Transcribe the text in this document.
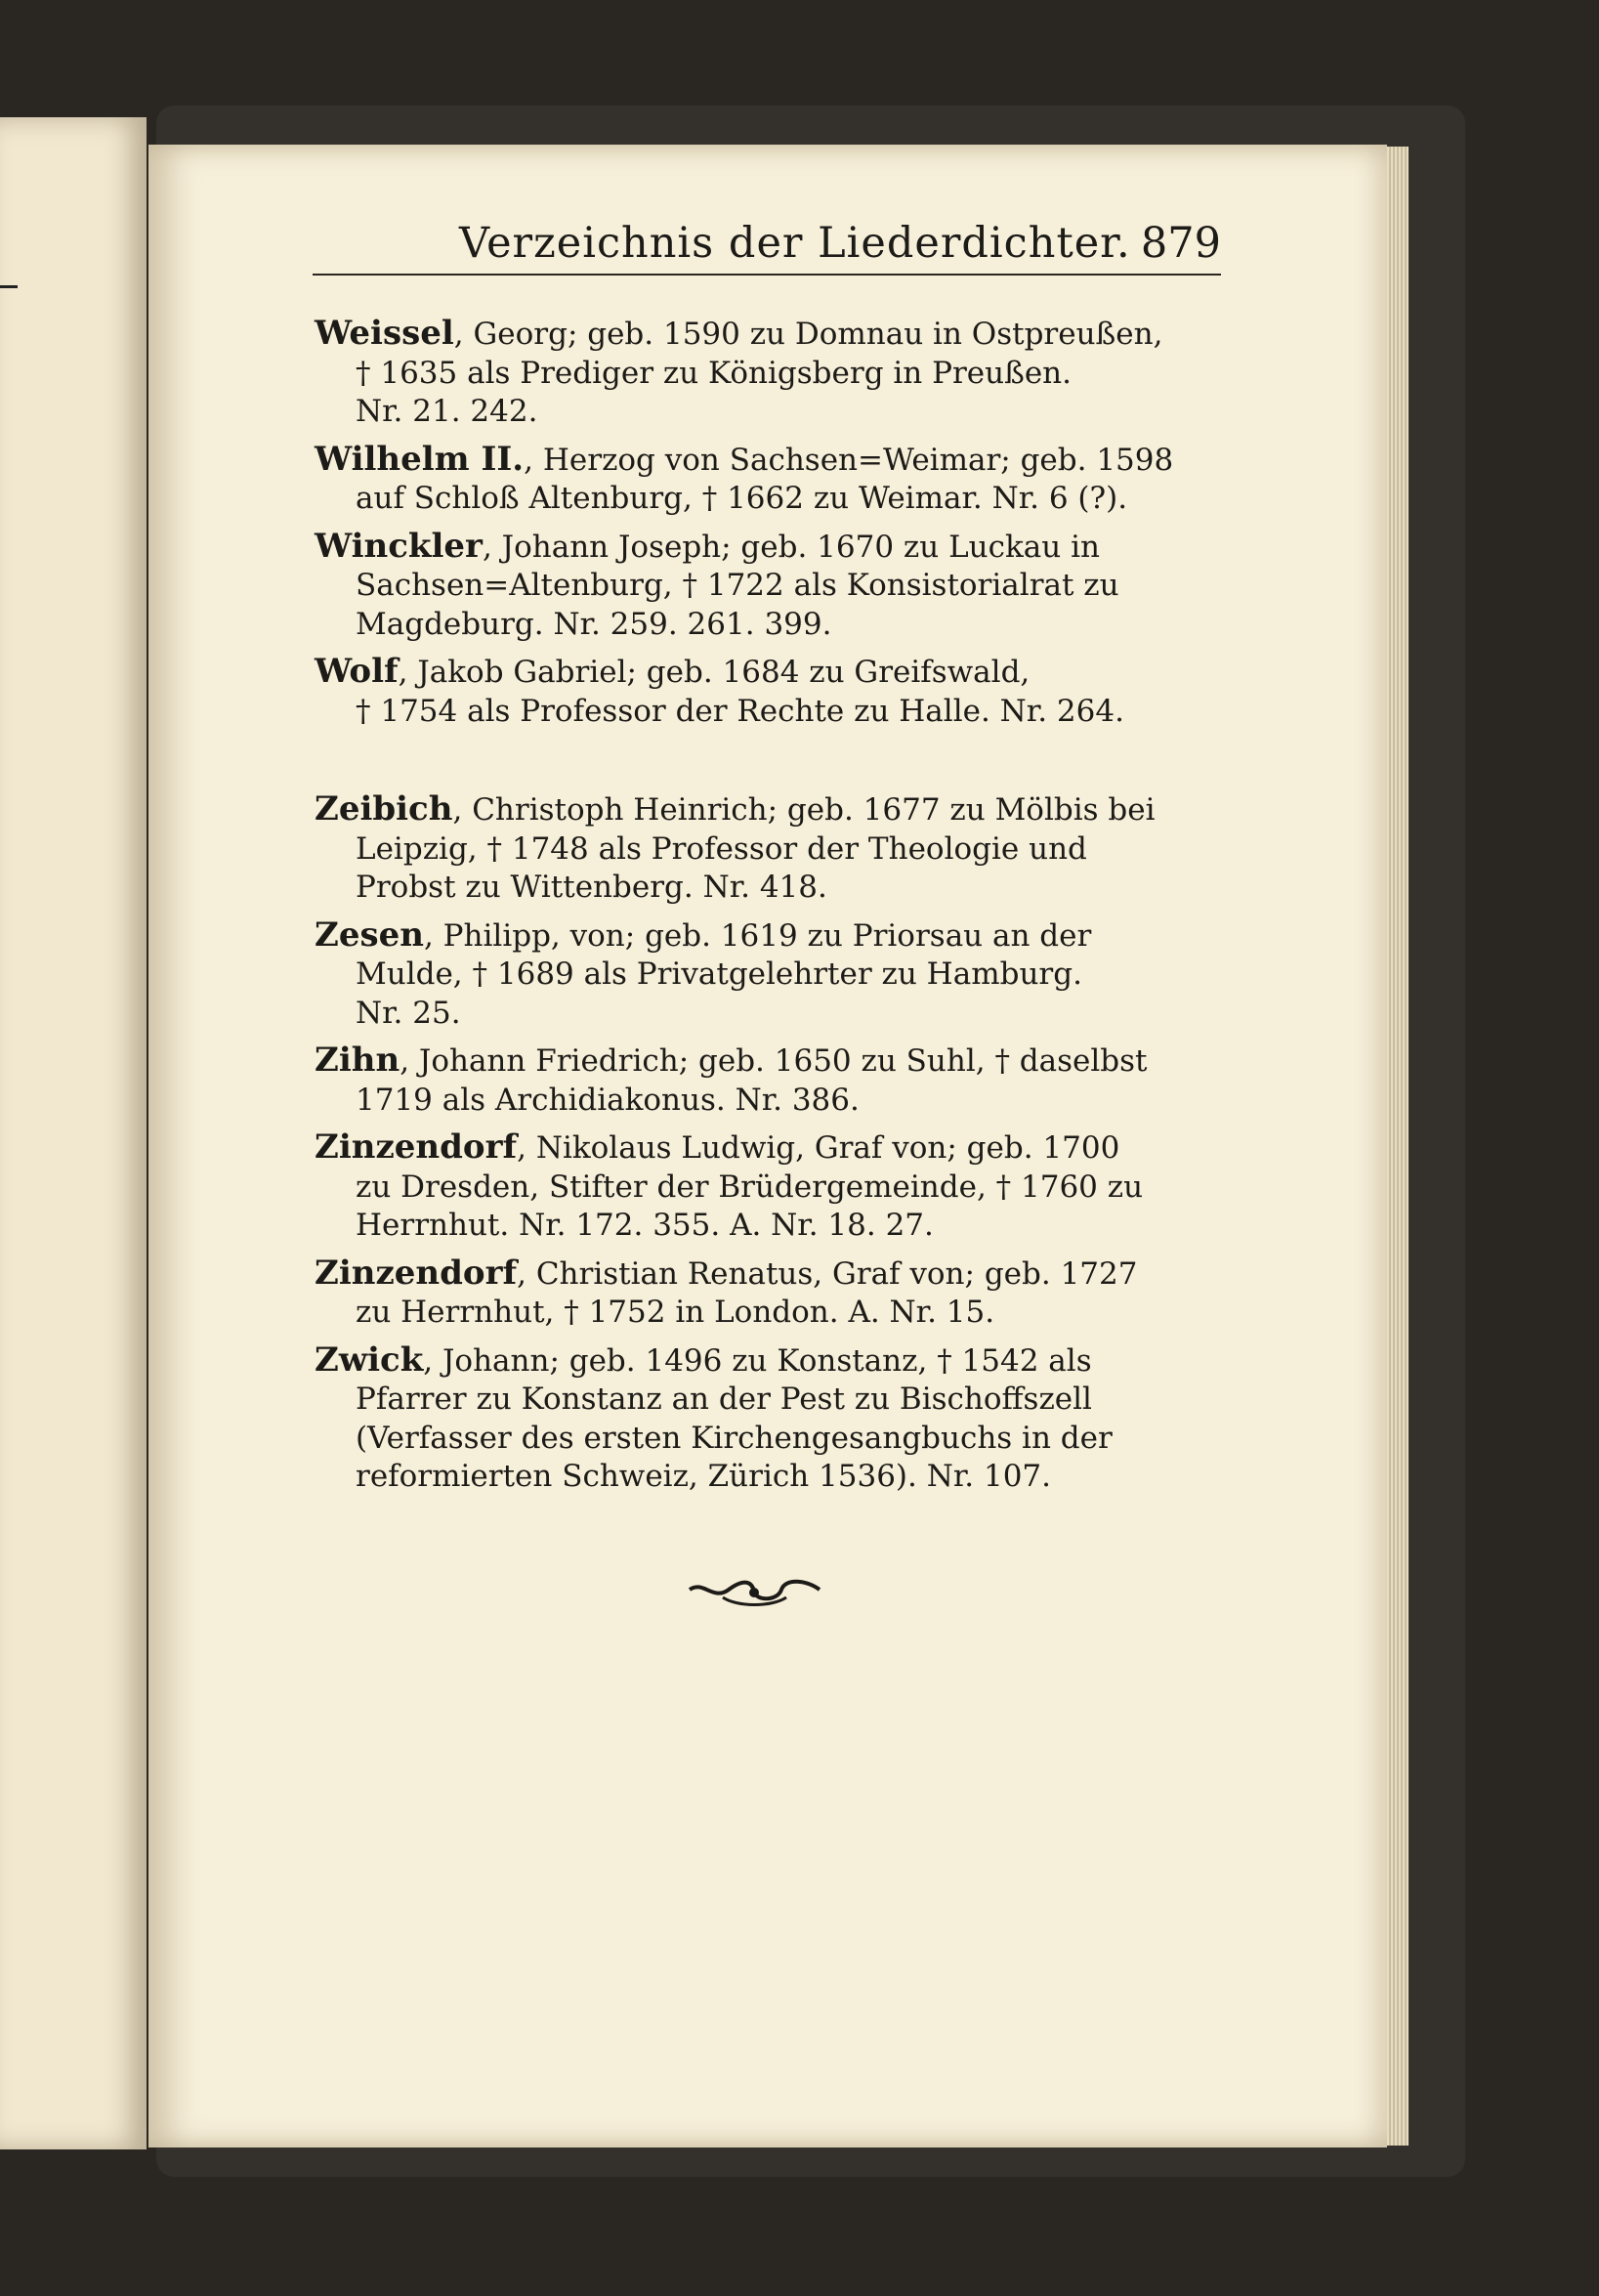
Verzeichnis der Liederdichter. 879
Weissel, Georg; geb. 1590 zu Domnau in Ostpreußen,
† 1635 als Prediger zu Königsberg in Preußen.
Nr. 21. 242.
Wilhelm II., Herzog von Sachsen=Weimar; geb. 1598
auf Schloß Altenburg, † 1662 zu Weimar. Nr. 6 (?).
Winckler, Johann Joseph; geb. 1670 zu Luckau in
Sachsen=Altenburg, † 1722 als Konsistorialrat zu
Magdeburg. Nr. 259. 261. 399.
Wolf, Jakob Gabriel; geb. 1684 zu Greifswald,
† 1754 als Professor der Rechte zu Halle. Nr. 264.
Zeibich, Christoph Heinrich; geb. 1677 zu Mölbis bei
Leipzig, † 1748 als Professor der Theologie und
Probst zu Wittenberg. Nr. 418.
Zesen, Philipp, von; geb. 1619 zu Priorsau an der
Mulde, † 1689 als Privatgelehrter zu Hamburg.
Nr. 25.
Zihn, Johann Friedrich; geb. 1650 zu Suhl, † daselbst
1719 als Archidiakonus. Nr. 386.
Zinzendorf, Nikolaus Ludwig, Graf von; geb. 1700
zu Dresden, Stifter der Brüdergemeinde, † 1760 zu
Herrnhut. Nr. 172. 355. A. Nr. 18. 27.
Zinzendorf, Christian Renatus, Graf von; geb. 1727
zu Herrnhut, † 1752 in London. A. Nr. 15.
Zwick, Johann; geb. 1496 zu Konstanz, † 1542 als
Pfarrer zu Konstanz an der Pest zu Bischoffszell
(Verfasser des ersten Kirchengesangbuchs in der
reformierten Schweiz, Zürich 1536). Nr. 107.
